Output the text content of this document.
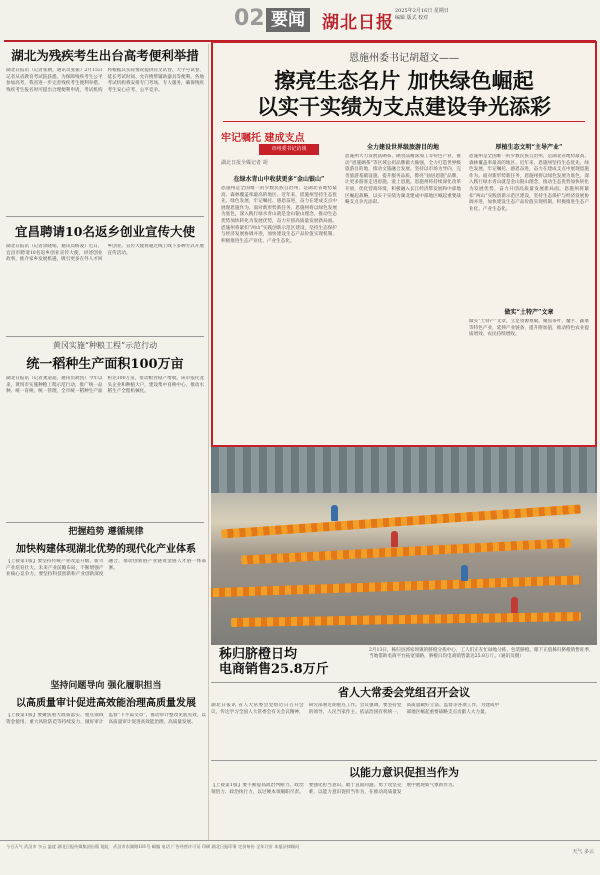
02 要闻 湖北日报
2025年2月16日 星期日 编辑 版式 校对
湖北为残疾考生出台高考便利举措
湖北日报讯（记者张朝，通讯员张振）2月15日记者从省教育考试院获悉，为保障残疾考生公平参加高考，我省进一步完善残疾考生便利举措。残疾考生报名时可提出合理便利申请，考试机构将根据其实际情况提供盲文试卷、大字号试卷、延长考试时间、允许携带辅助器具等便利。各地考试机构将安排专门考场、专人服务，确保残疾考生安心应考、公平竞争。
宜昌聘请10名返乡创业宣传大使
湖北日报讯（记者余晓娟，通讯员杨凌）近日，宜昌市聘请10名返乡创业宣传大使，讲述创业故事，推介家乡发展机遇，吸引更多在外人才回乡创业。宣传大使将通过线上线下多种方式开展宣传活动。
黄冈实施“种粮工程”示范行动
统一稻种生产面积100万亩
湖北日报讯（记者龚道超，通讯员胡凯）今年以来，黄冈市实施种粮工程示范行动，推广统一品种、统一育秧、统一管理，全市统一稻种生产面积达100万亩，带动粮食稳产增收。该市依托龙头企业和种植大户，建设集中育秧中心，推动水稻生产全程机械化。
把握趋势 遵循规律
加快构建体现湖北优势的现代化产业体系
【上接第1版】要坚持传统产业改造升级、新兴产业培育壮大、未来产业前瞻布局，不断增强产业核心竞争力。要坚持科技创新和产业创新深度融合，推动创新链产业链资金链人才链一体部署。
坚持问题导向 强化履职担当
以高质量审计促进高效能治理高质量发展
【上接第1版】要聚焦重大政策落实、重点领域资金使用、重大风险防范等持续发力，做好审计监督“下半篇文章”，推动审计整改见底见效，以高质量审计促进高效能治理、高质量发展。
恩施州委书记胡超文——
擦亮生态名片 加快绿色崛起
以实干实绩为支点建设争光添彩
牢记嘱托 建成支点
市州委书记访谈
湖北日报全媒记者 胡
在绿水青山中收获更多“金山银山”
恩施州是全国唯一的少数民族自治州，是湖北省地势最高、森林覆盖率最高的地区。近年来，恩施州坚持生态优先、绿色发展，牢记嘱托、感恩奋进，奋力在建成支点中展现恩施作为。面对新形势新任务，恩施州将以绿色发展为底色，深入践行绿水青山就是金山银山理念，推动生态优势加快转化为发展优势，奋力开创高质量发展新局面。恩施州将紧扣“两山”实践创新示范区建设，坚持生态保护与经济发展协调并进，加快建设生态产品价值实现机制，积极推进生态产业化、产业生态化。
全力建设世界级旅游目的地
恩施州大力发展富硒茶、硒食品精深加工等特色产业，推动“恩施硒茶”等区域公用品牌做大做强，全力打造世界级旅游目的地，推动文旅融合发展。坚持以市场为导向，完善旅游基础设施，提升服务品质，擦亮“仙居恩施”品牌，让更多游客走进恩施、爱上恩施。恩施州将持续深化改革开放，优化营商环境，积极融入长江经济带发展和中部地区崛起战略，以实干实绩为湖北建成中部地区崛起重要战略支点争光添彩。
厚植生态文明“主导产业”
恩施州是全国唯一的少数民族自治州，是湖北省地势最高、森林覆盖率最高的地区。近年来，恩施州坚持生态优先、绿色发展，牢记嘱托、感恩奋进，奋力在建成支点中展现恩施作为。面对新形势新任务，恩施州将以绿色发展为底色，深入践行绿水青山就是金山银山理念，推动生态优势加快转化为发展优势，奋力开创高质量发展新局面。恩施州将紧扣“两山”实践创新示范区建设，坚持生态保护与经济发展协调并进，加快建设生态产品价值实现机制，积极推进生态产业化、产业生态化。
做实“土特产”文章
做实“土特产”文章，立足资源禀赋，聚焦茶叶、魔芋、蔬菜等特色产业，延伸产业链条，提升附加值，推动特色农业提质增效、农民持续增收。
秭归脐橙日均
电商销售25.8万斤
2月13日，秭归县郭家坝镇的脐橙分拣中心，工人们正在忙碌地分拣、包装脐橙。眼下正值秭归脐橙销售旺季，当地借助电商平台拓宽销路，脐橙日均电商销售量达25.8万斤。（通讯员摄）
省人大常委会党组召开会议
湖北日报讯 省人大常委会党组近日召开会议，传达学习全国人大常委会有关会议精神，研究部署近期重点工作。会议强调，要坚持党的领导、人民当家作主、依法治国有机统一，高质量做好立法、监督等各项工作，为建成中部地区崛起重要战略支点贡献人大力量。
以能力意识促担当作为
【上接第1版】要不断提高政治判断力、政治领悟力、政治执行力，以过硬本领履职尽责。要强化担当意识，敢于直面问题、勇于攻坚克难，以能力意识促担当作为，在推动高质量发展中展现新气象新作为。
今日天气 武汉市 多云 温度 湖北日报传媒集团出版 地址：武汉市东湖路181号 邮编 电话 广告经营许可证 印刷 湖北日报印务 定价每份 全年订价 本报法律顾问
天气 多云
